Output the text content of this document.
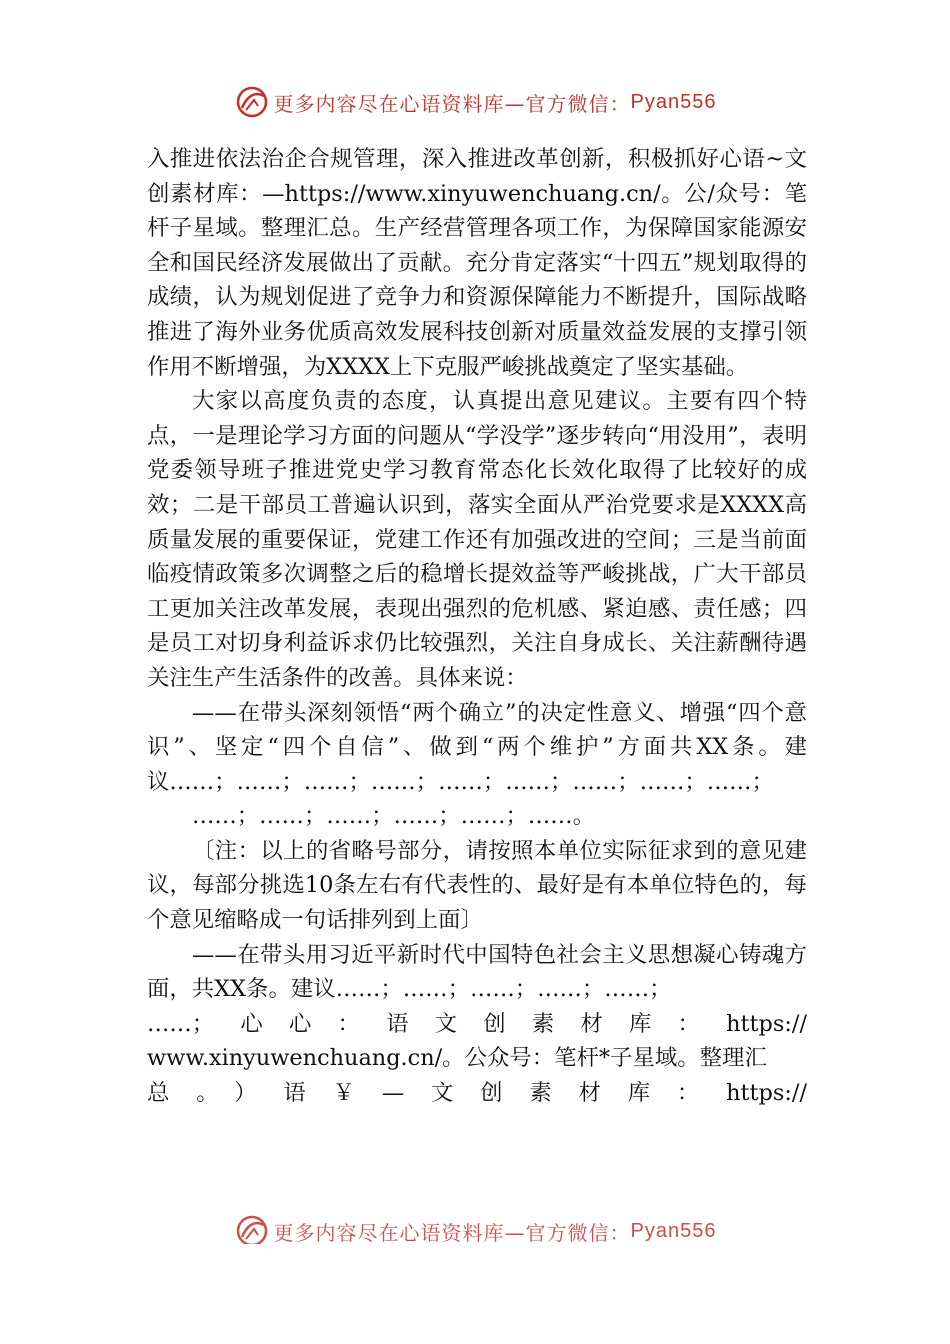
更多内容尽在心语资料库—官方微信： Pyan556

入推进依法治企合规管理，深入推进改革创新，积极抓好心语~文创素材库：—https://www.xinyuwenchuang.cn/。公/众号：笔杆子星域。整理汇总。生产经营管理各项工作，为保障国家能源安全和国民经济发展做出了贡献。充分肯定落实“十四五”规划取得的成绩，认为规划促进了竞争力和资源保障能力不断提升，国际战略推进了海外业务优质高效发展科技创新对质量效益发展的支撑引领作用不断增强，为XXXX上下克服严峻挑战奠定了坚实基础。

大家以高度负责的态度，认真提出意见建议。主要有四个特点，一是理论学习方面的问题从“学没学”逐步转向“用没用”，表明党委领导班子推进党史学习教育常态化长效化取得了比较好的成效；二是干部员工普遍认识到，落实全面从严治党要求是XXXX高质量发展的重要保证，党建工作还有加强改进的空间；三是当前面临疫情政策多次调整之后的稳增长提效益等严峻挑战，广大干部员工更加关注改革发展，表现出强烈的危机感、紧迫感、责任感；四是员工对切身利益诉求仍比较强烈，关注自身成长、关注薪酬待遇关注生产生活条件的改善。具体来说：

——在带头深刻领悟“两个确立”的决定性意义、增强“四个意识”、坚定“四个自信”、做到“两个维护”方面共XX条。建议……；……；……；……；……；……；……；……；……；

……；……；……；……；……；……。

〔注：以上的省略号部分，请按照本单位实际征求到的意见建议，每部分挑选10条左右有代表性的、最好是有本单位特色的，每个意见缩略成一句话排列到上面〕

——在带头用习近平新时代中国特色社会主义思想凝心铸魂方面，共XX条。建议……；……；……；……；……；

……；心心：语文创素材库：https://

www.xinyuwenchuang.cn/。公众号：笔杆*子星域。整理汇

总。）语￥—文创素材库：https://

更多内容尽在心语资料库—官方微信： Pyan556
